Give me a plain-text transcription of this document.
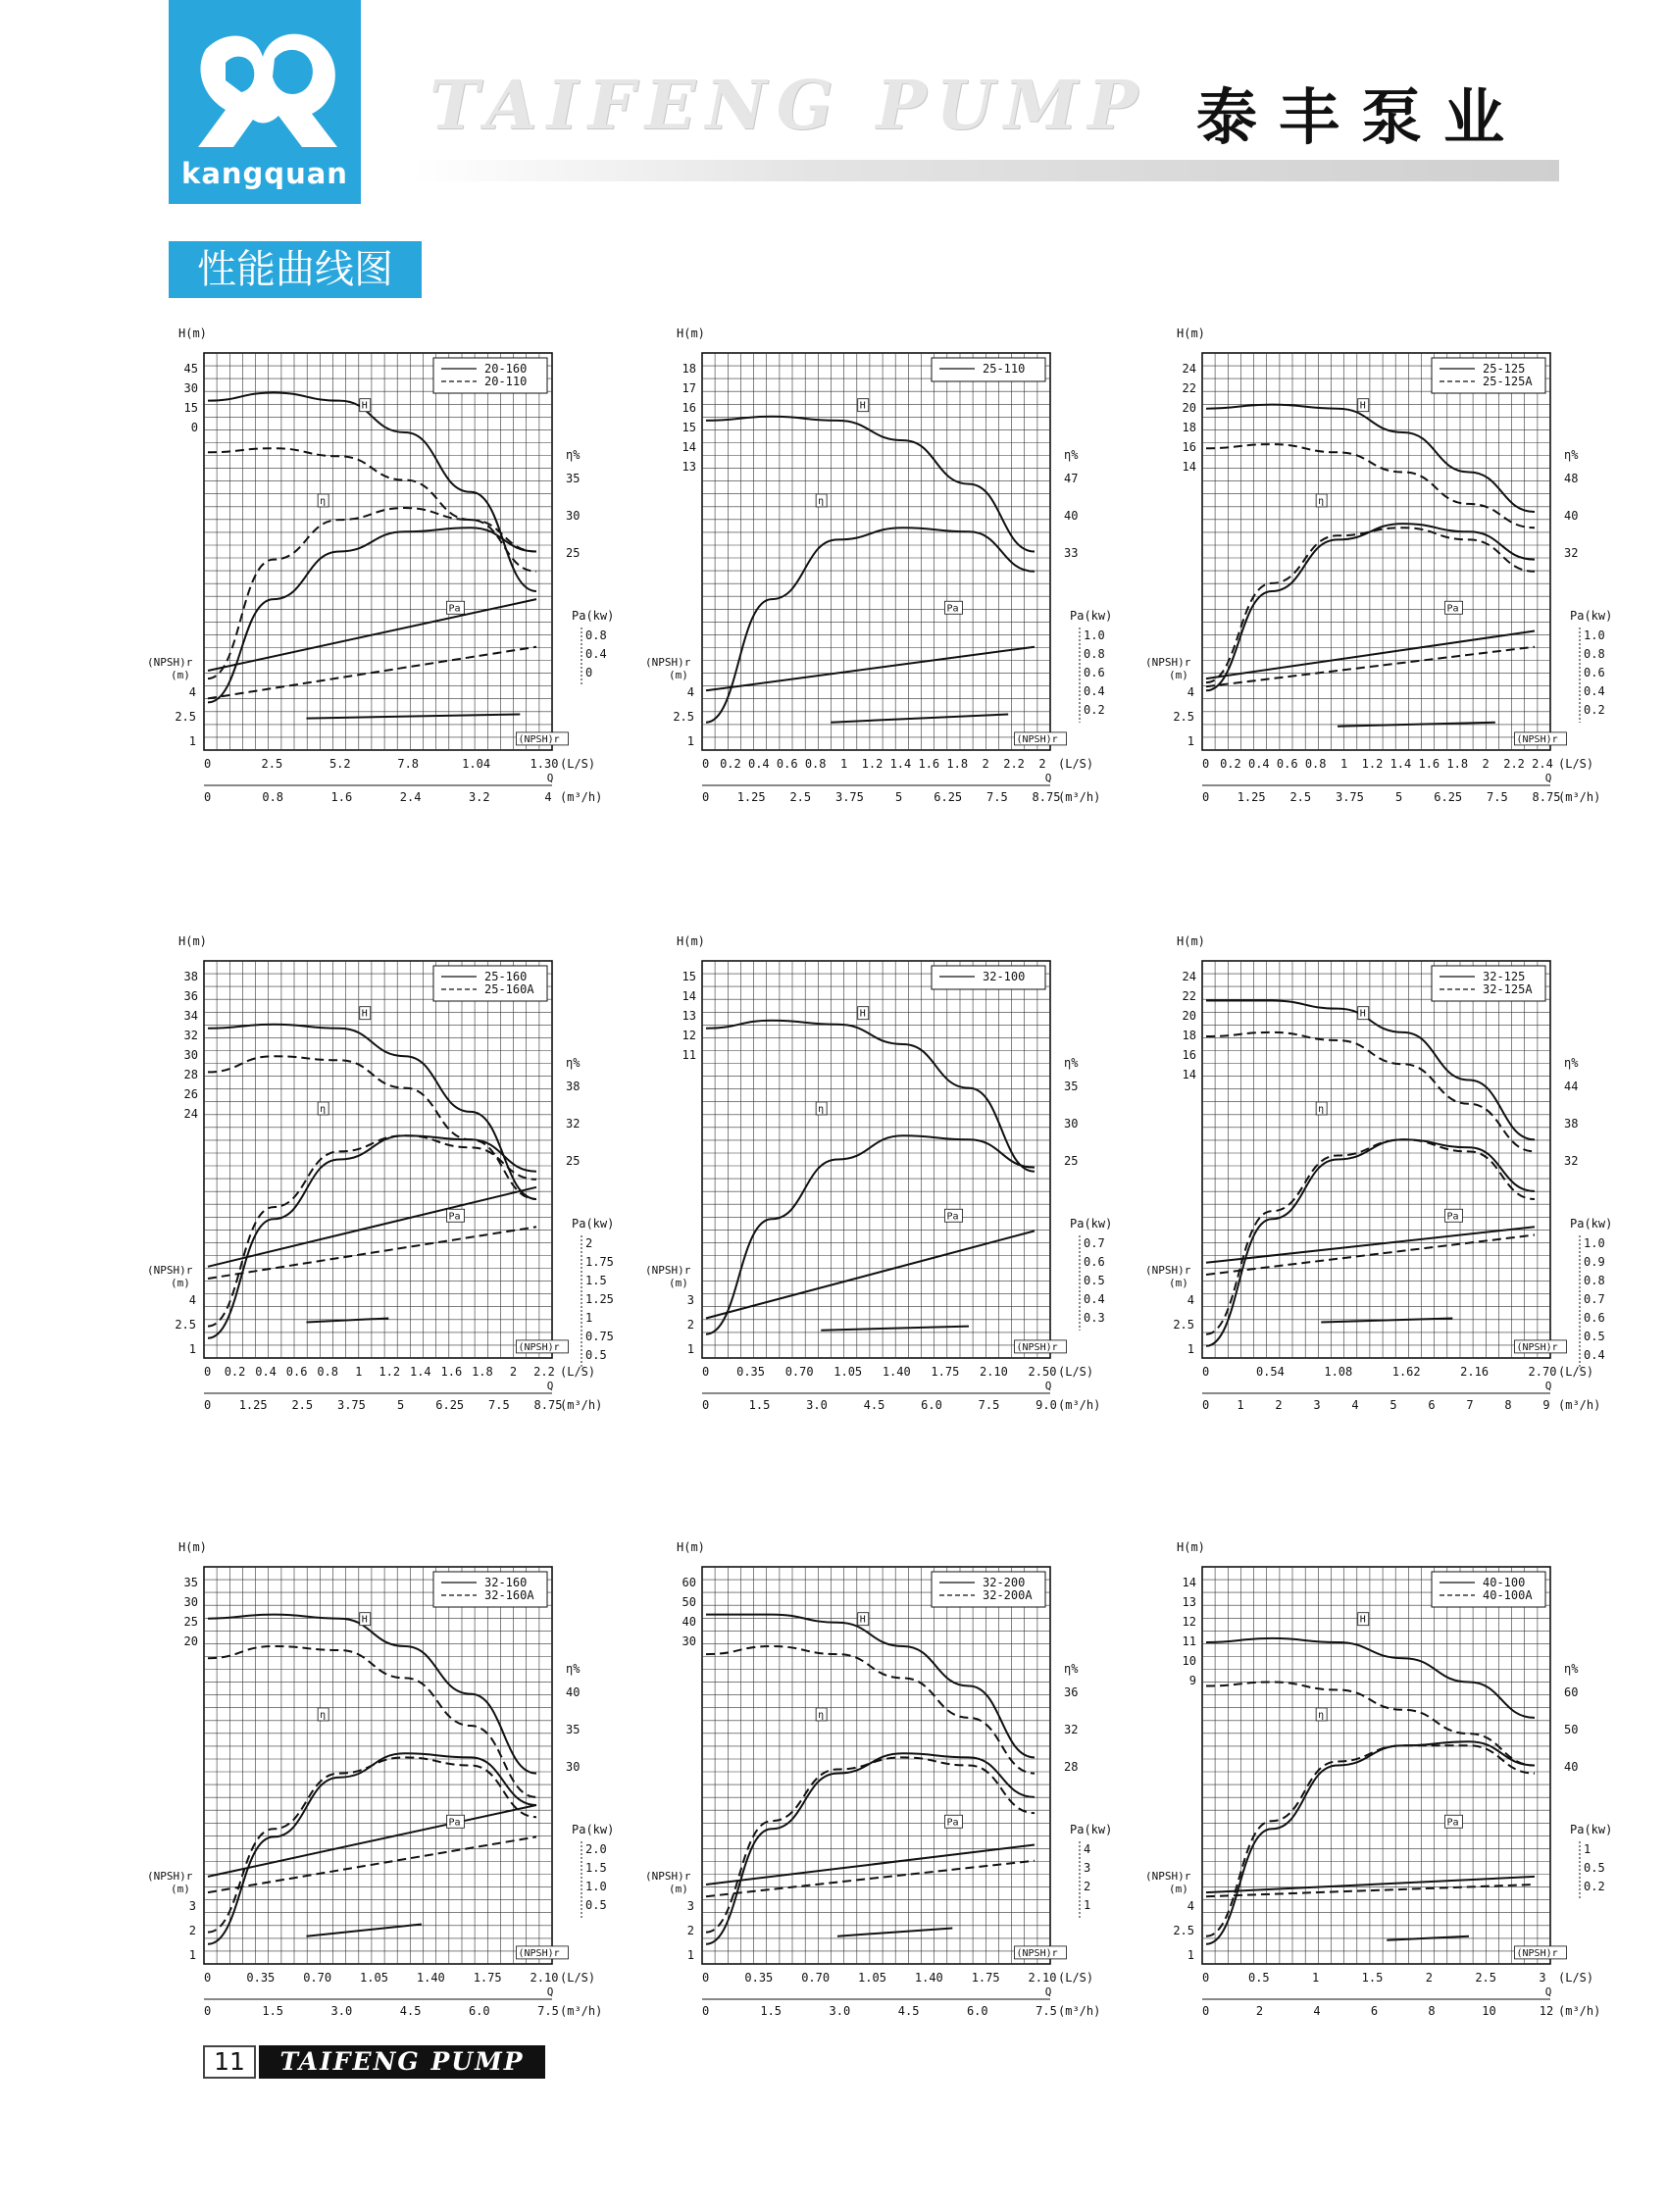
kangquan
TAIFENG PUMP 泰丰泵业
性能曲线图
20-160
20-110
H(m)
45
30
15
0
η%
35
30
25
Pa(kw)
0.8
0.4
0
(NPSH)r
(m)
4
2.5
1
0	2.5	5.2	7.8	1.04	1.30 (L/S)
Q
0	0.8	1.6	2.4	3.2	4 (m³/h)
H
η
Pa
(NPSH)r
25-110
H(m)
18
17
16
15
14
13
η%
47
40
33
Pa(kw)
1.0
0.8
0.6
0.4
0.2
(NPSH)r
(m)
4
2.5
1
0 0.2 0.4 0.6 0.8 1 1.2 1.4 1.6 1.8 2 2.2 2 (L/S)
Q
0 1.25 2.5 3.75	5	6.25 7.5 8.75
(m³/h)
H
η
Pa
(NPSH)r
25-125
25-125A
H(m)
24
22
20
18
16
14
η%
48
40
32
Pa(kw)
1.0
0.8
0.6
0.4
0.2
(NPSH)r
(m)
4
2.5
1
0 0.2 0.4 0.6 0.8 1 1.2 1.4 1.6 1.8 2 2.2 2.4 (L/S)
Q
0 1.25 2.5 3.75	5	6.25 7.5 8.75
(m³/h)
H
η
Pa
(NPSH)r
25-160
25-160A
H(m)
38
36
34
32
30
28
26
24
η%
38
32
25
Pa(kw)
2
1.75
1.5
1.25
1
0.75
0.5
(NPSH)r
(m)
4
2.5
1
0 0.2 0.4 0.6 0.8 1 1.2 1.4 1.6 1.8 2 2.2 (L/S)
Q
0 1.25 2.5 3.75	5	6.25 7.5 8.75
(m³/h)
H
η
Pa
(NPSH)r
32-100
H(m)
15
14
13
12
11
η%
35
30
25
Pa(kw)
0.7
0.6
0.5
0.4
0.3
(NPSH)r
(m)
3
2
1
0 0.35 0.70 1.05 1.40 1.75 2.10 2.50 (L/S)
Q
0	1.5	3.0	4.5	6.0	7.5	9.0 (m³/h)
H
η
Pa
(NPSH)r
32-125
32-125A
H(m)
24
22
20
18
16
14
η%
44
38
32
Pa(kw)
1.0
0.9
0.8
0.7
0.6
0.5
0.4
(NPSH)r
(m)
4
2.5
1
0	0.54	1.08	1.62	2.16	2.70 (L/S)
Q
0 1	2	3	4	5	6	7	8	9 (m³/h)
H
η
Pa
(NPSH)r
32-160
32-160A
H(m)
35
30
25
20
η%
40
35
30
Pa(kw)
2.0
1.5
1.0
0.5
(NPSH)r
(m)
3
2
1
0	0.35 0.70 1.05 1.40 1.75 2.10 (L/S)
Q
0	1.5	3.0	4.5	6.0	7.5 (m³/h)
H
η
Pa
(NPSH)r
32-200
32-200A
H(m)
60
50
40
30
η%
36
32
28
Pa(kw)
4
3
2
1
(NPSH)r
(m)
3
2
1
0	0.35 0.70 1.05 1.40 1.75 2.10 (L/S)
Q
0	1.5	3.0	4.5	6.0	7.5 (m³/h)
H
η
Pa
(NPSH)r
40-100
40-100A
H(m)
14
13
12
11
10
9
η%
60
50
40
Pa(kw)
1
0.5
0.2
(NPSH)r
(m)
4
2.5
1
0	0.5	1	1.5	2	2.5	3 (L/S)
Q
0	2	4	6	8	10	12 (m³/h)
H
η
Pa
(NPSH)r
11	TAIFENG PUMP
